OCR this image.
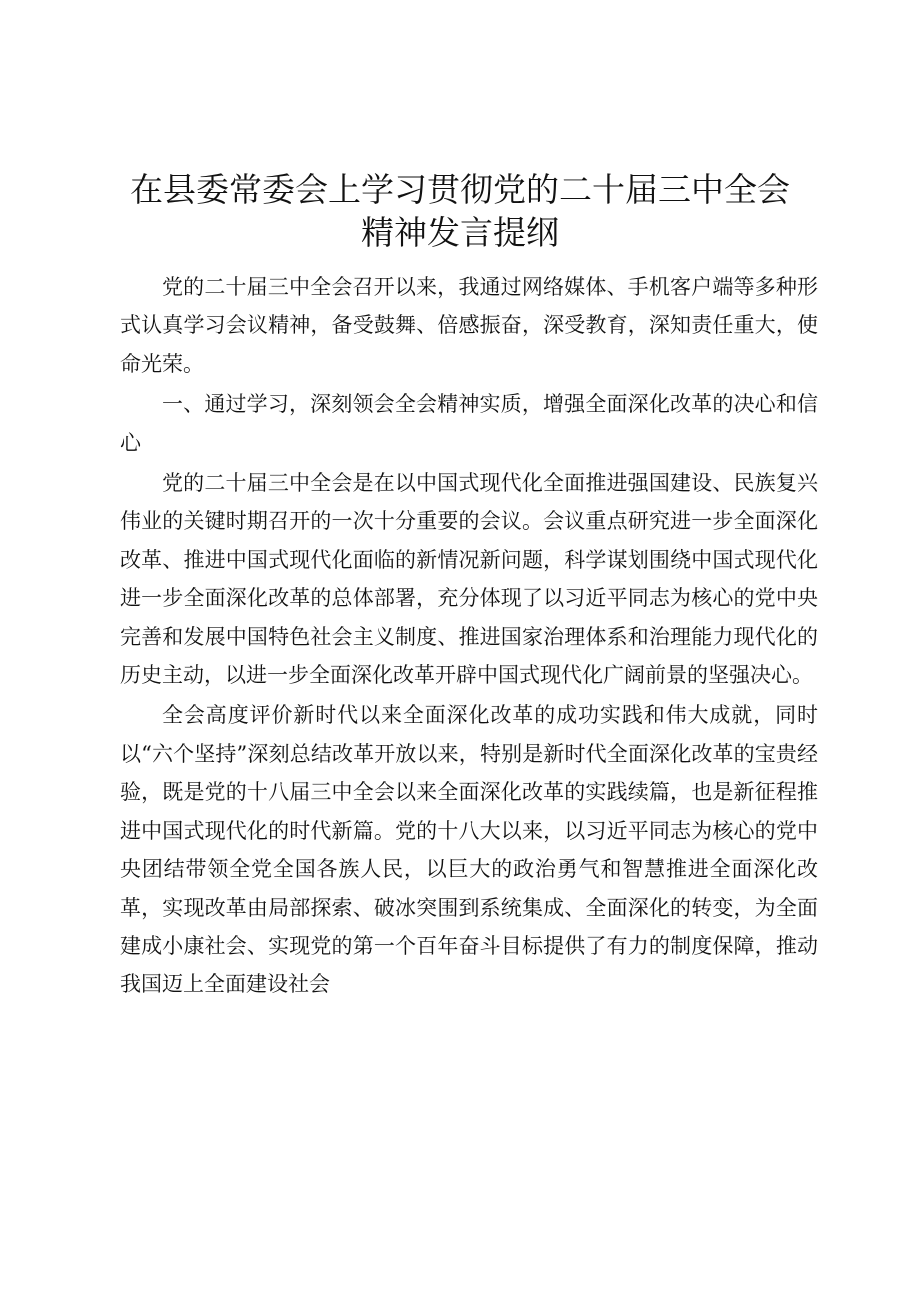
在县委常委会上学习贯彻党的二十届三中全会
精神发言提纲

党的二十届三中全会召开以来，我通过网络媒体、手机客户端等多种形式认真学习会议精神，备受鼓舞、倍感振奋，深受教育，深知责任重大，使命光荣。

一、通过学习，深刻领会全会精神实质，增强全面深化改革的决心和信心

党的二十届三中全会是在以中国式现代化全面推进强国建设、民族复兴伟业的关键时期召开的一次十分重要的会议。会议重点研究进一步全面深化改革、推进中国式现代化面临的新情况新问题，科学谋划围绕中国式现代化进一步全面深化改革的总体部署，充分体现了以习近平同志为核心的党中央完善和发展中国特色社会主义制度、推进国家治理体系和治理能力现代化的历史主动，以进一步全面深化改革开辟中国式现代化广阔前景的坚强决心。

全会高度评价新时代以来全面深化改革的成功实践和伟大成就，同时以“六个坚持”深刻总结改革开放以来，特别是新时代全面深化改革的宝贵经验，既是党的十八届三中全会以来全面深化改革的实践续篇，也是新征程推进中国式现代化的时代新篇。党的十八大以来，以习近平同志为核心的党中央团结带领全党全国各族人民，以巨大的政治勇气和智慧推进全面深化改革，实现改革由局部探索、破冰突围到系统集成、全面深化的转变，为全面建成小康社会、实现党的第一个百年奋斗目标提供了有力的制度保障，推动我国迈上全面建设社会
